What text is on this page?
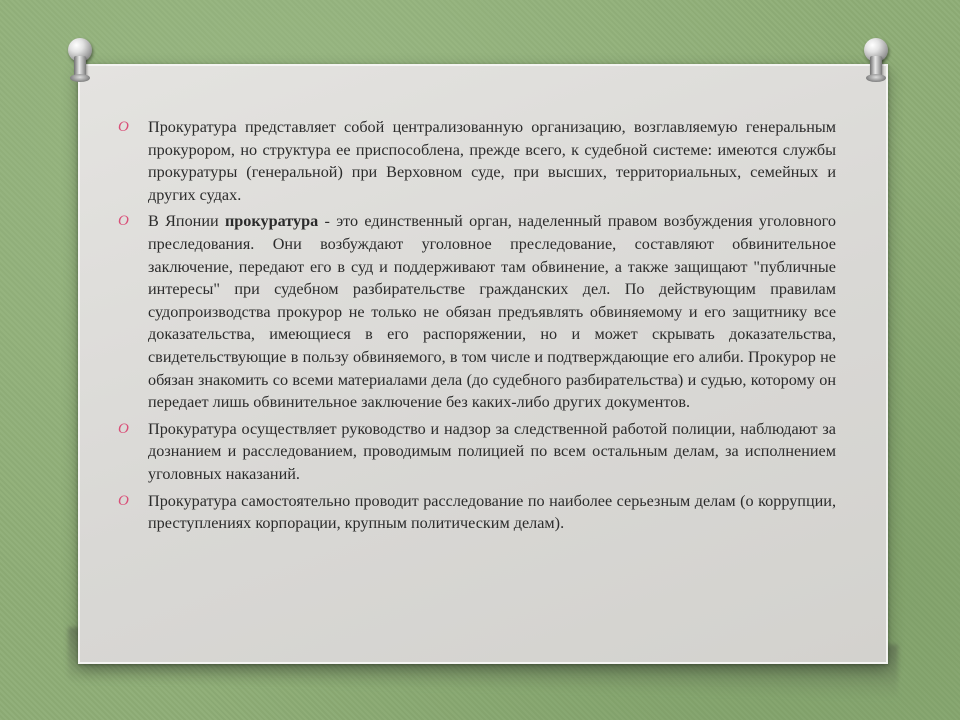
O Прокуратура представляет собой централизованную организацию, возглавляемую генеральным прокурором, но структура ее приспособлена, прежде всего, к судебной системе: имеются службы прокуратуры (генеральной) при Верховном суде, при высших, территориальных, семейных и других судах.
O В Японии прокуратура - это единственный орган, наделенный правом возбуждения уголовного преследования. Они возбуждают уголовное преследование, составляют обвинительное заключение, передают его в суд и поддерживают там обвинение, а также защищают "публичные интересы" при судебном разбирательстве гражданских дел. По действующим правилам судопроизводства прокурор не только не обязан предъявлять обвиняемому и его защитнику все доказательства, имеющиеся в его распоряжении, но и может скрывать доказательства, свидетельствующие в пользу обвиняемого, в том числе и подтверждающие его алиби. Прокурор не обязан знакомить со всеми материалами дела (до судебного разбирательства) и судью, которому он передает лишь обвинительное заключение без каких-либо других документов.
O Прокуратура осуществляет руководство и надзор за следственной работой полиции, наблюдают за дознанием и расследованием, проводимым полицией по всем остальным делам, за исполнением уголовных наказаний.
O Прокуратура самостоятельно проводит расследование по наиболее серьезным делам (о коррупции, преступлениях корпорации, крупным политическим делам).
